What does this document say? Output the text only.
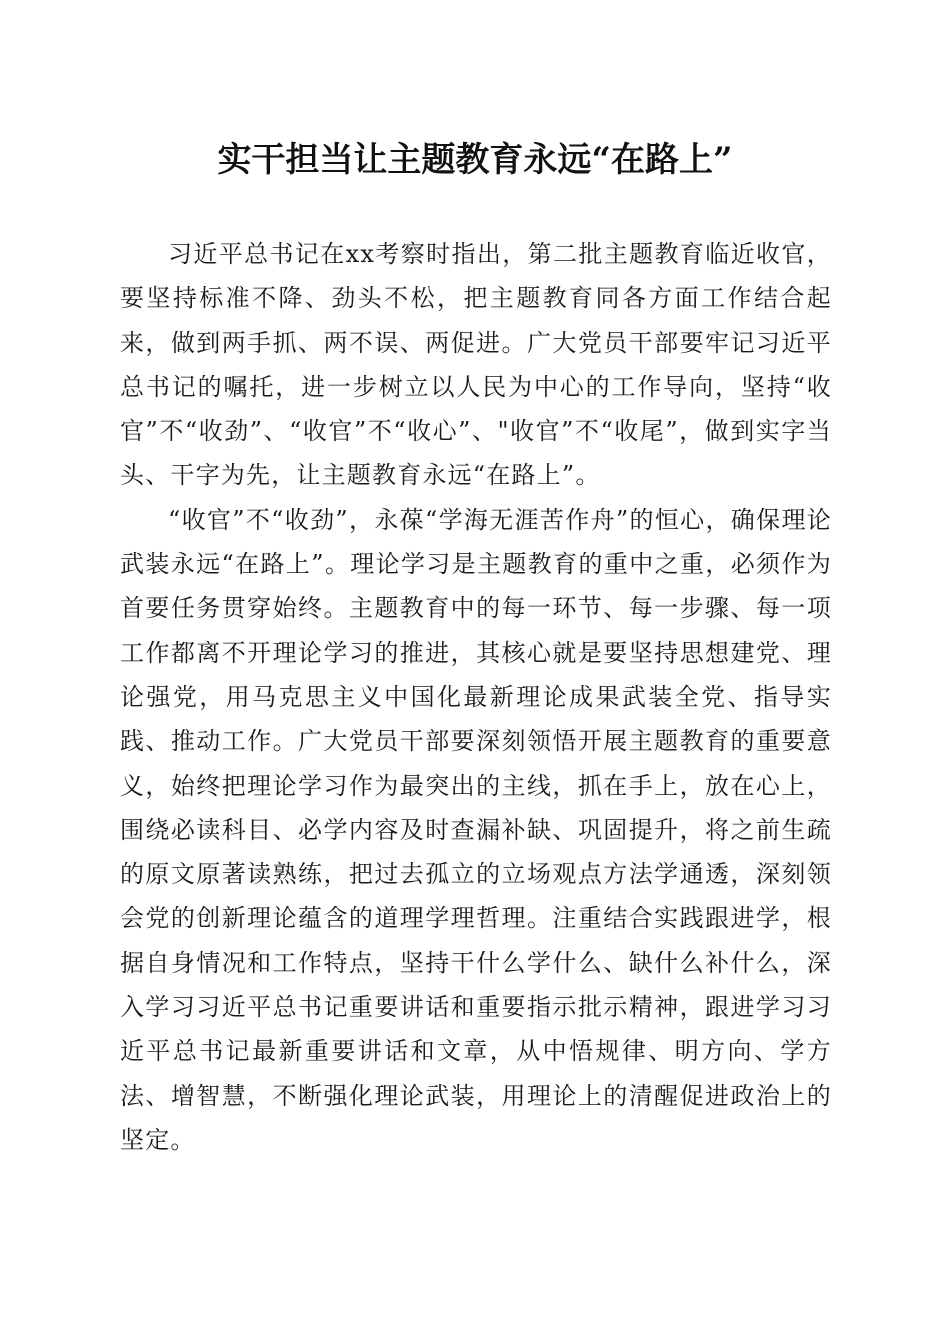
实干担当让主题教育永远“在路上”

习近平总书记在xx考察时指出，第二批主题教育临近收官，要坚持标准不降、劲头不松，把主题教育同各方面工作结合起来，做到两手抓、两不误、两促进。广大党员干部要牢记习近平总书记的嘱托，进一步树立以人民为中心的工作导向，坚持“收官”不“收劲”、“收官”不“收心”、"收官”不“收尾”，做到实字当头、干字为先，让主题教育永远“在路上”。

“收官”不“收劲”，永葆“学海无涯苦作舟”的恒心，确保理论武装永远“在路上”。理论学习是主题教育的重中之重，必须作为首要任务贯穿始终。主题教育中的每一环节、每一步骤、每一项工作都离不开理论学习的推进，其核心就是要坚持思想建党、理论强党，用马克思主义中国化最新理论成果武装全党、指导实践、推动工作。广大党员干部要深刻领悟开展主题教育的重要意义，始终把理论学习作为最突出的主线，抓在手上，放在心上，围绕必读科目、必学内容及时查漏补缺、巩固提升，将之前生疏的原文原著读熟练，把过去孤立的立场观点方法学通透，深刻领会党的创新理论蕴含的道理学理哲理。注重结合实践跟进学，根据自身情况和工作特点，坚持干什么学什么、缺什么补什么，深入学习习近平总书记重要讲话和重要指示批示精神，跟进学习习近平总书记最新重要讲话和文章，从中悟规律、明方向、学方法、增智慧，不断强化理论武装，用理论上的清醒促进政治上的坚定。
